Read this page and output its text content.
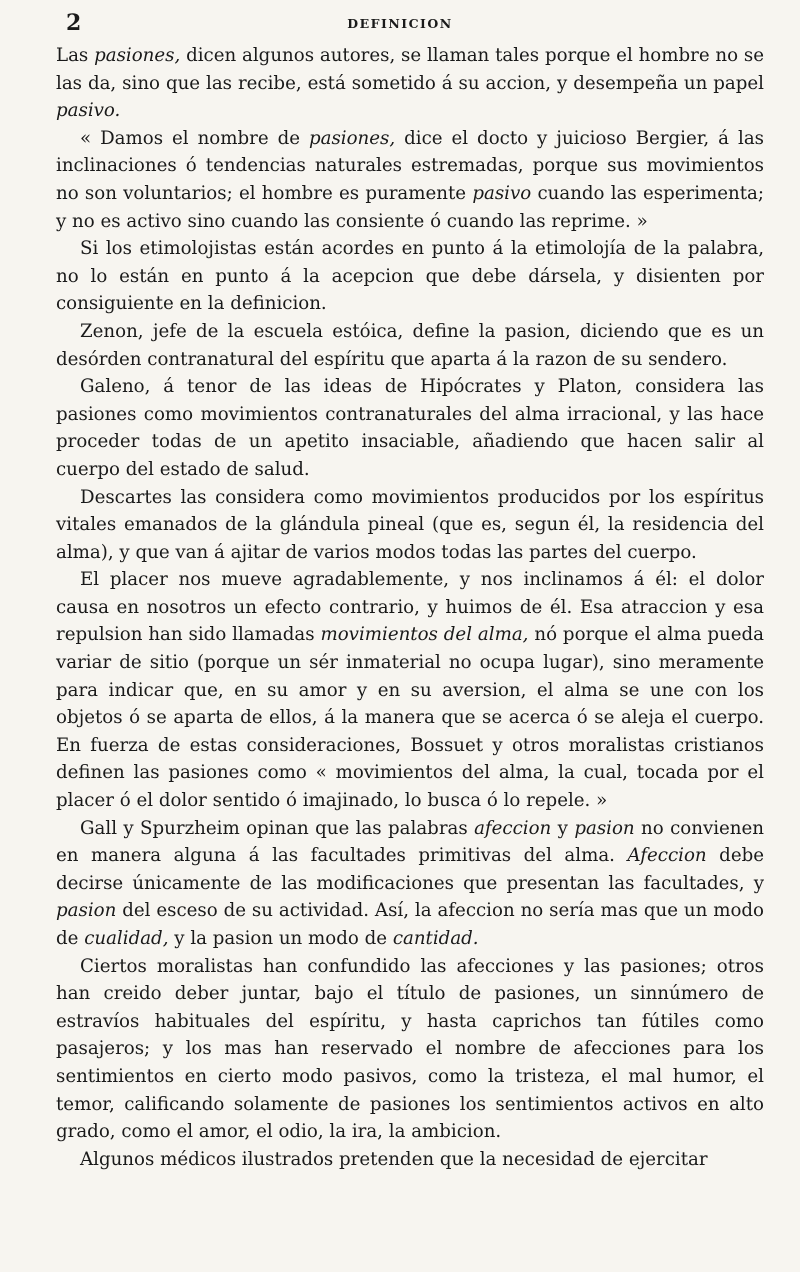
2	DEFINICION

Las pasiones, dicen algunos autores, se llaman tales porque el hombre no se las da, sino que las recibe, está sometido á su accion, y desempeña un papel pasivo.

« Damos el nombre de pasiones, dice el docto y juicioso Bergier, á las inclinaciones ó tendencias naturales estremadas, porque sus movimientos no son voluntarios; el hombre es puramente pasivo cuando las esperimenta; y no es activo sino cuando las consiente ó cuando las reprime. »

Si los etimolojistas están acordes en punto á la etimolojía de la palabra, no lo están en punto á la acepcion que debe dársela, y disienten por consiguiente en la definicion.

Zenon, jefe de la escuela estóica, define la pasion, diciendo que es un desórden contranatural del espíritu que aparta á la razon de su sendero.

Galeno, á tenor de las ideas de Hipócrates y Platon, considera las pasiones como movimientos contranaturales del alma irracional, y las hace proceder todas de un apetito insaciable, añadiendo que hacen salir al cuerpo del estado de salud.

Descartes las considera como movimientos producidos por los espíritus vitales emanados de la glándula pineal (que es, segun él, la residencia del alma), y que van á ajitar de varios modos todas las partes del cuerpo.

El placer nos mueve agradablemente, y nos inclinamos á él: el dolor causa en nosotros un efecto contrario, y huimos de él. Esa atraccion y esa repulsion han sido llamadas movimientos del alma, nó porque el alma pueda variar de sitio (porque un sér inmaterial no ocupa lugar), sino meramente para indicar que, en su amor y en su aversion, el alma se une con los objetos ó se aparta de ellos, á la manera que se acerca ó se aleja el cuerpo. En fuerza de estas consideraciones, Bossuet y otros moralistas cristianos definen las pasiones como « movimientos del alma, la cual, tocada por el placer ó el dolor sentido ó imajinado, lo busca ó lo repele. »

Gall y Spurzheim opinan que las palabras afeccion y pasion no convienen en manera alguna á las facultades primitivas del alma. Afeccion debe decirse únicamente de las modificaciones que presentan las facultades, y pasion del esceso de su actividad. Así, la afeccion no sería mas que un modo de cualidad, y la pasion un modo de cantidad.

Ciertos moralistas han confundido las afecciones y las pasiones; otros han creido deber juntar, bajo el título de pasiones, un sinnúmero de estravíos habituales del espíritu, y hasta caprichos tan fútiles como pasajeros; y los mas han reservado el nombre de afecciones para los sentimientos en cierto modo pasivos, como la tristeza, el mal humor, el temor, calificando solamente de pasiones los sentimientos activos en alto grado, como el amor, el odio, la ira, la ambicion.

Algunos médicos ilustrados pretenden que la necesidad de ejercitar
